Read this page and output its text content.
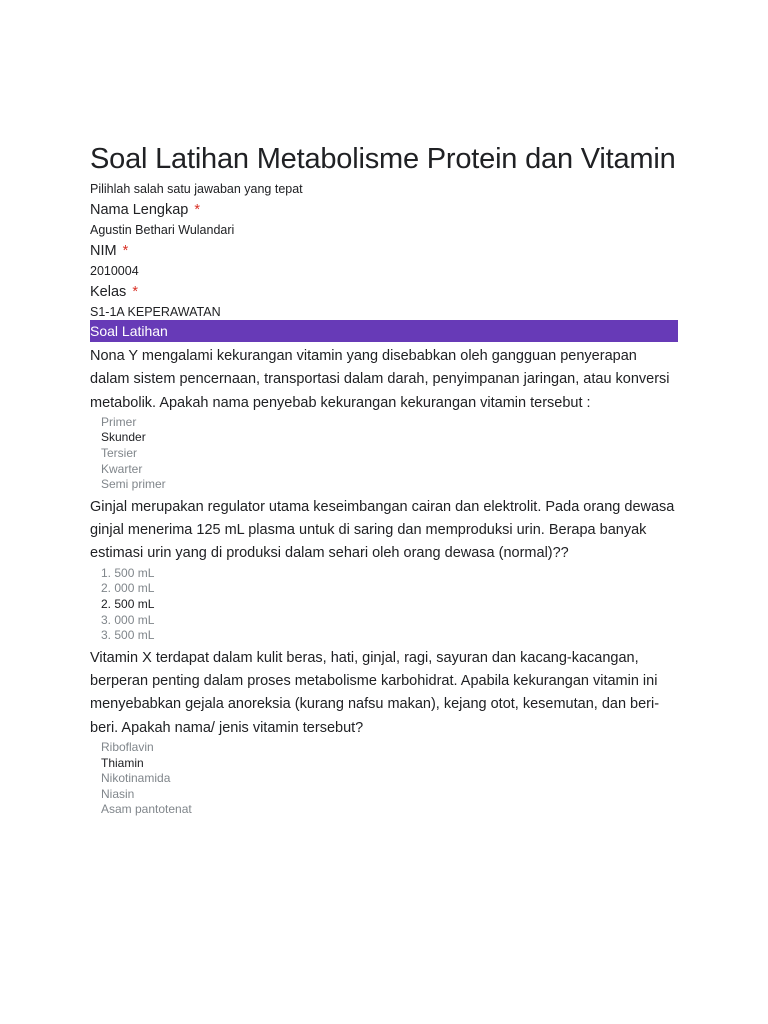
Soal Latihan Metabolisme Protein dan Vitamin
Pilihlah salah satu jawaban yang tepat
Nama Lengkap *
Agustin Bethari Wulandari
NIM *
2010004
Kelas *
S1-1A KEPERAWATAN
Soal Latihan
Nona Y mengalami kekurangan vitamin yang disebabkan oleh gangguan penyerapan dalam sistem pencernaan, transportasi dalam darah, penyimpanan jaringan, atau konversi metabolik. Apakah nama penyebab kekurangan kekurangan vitamin tersebut :
Primer
Skunder
Tersier
Kwarter
Semi primer
Ginjal merupakan regulator utama keseimbangan cairan dan elektrolit. Pada orang dewasa ginjal menerima 125 mL plasma untuk di saring dan memproduksi urin. Berapa banyak estimasi urin yang di produksi dalam sehari oleh orang dewasa (normal)??
1. 500 mL
2. 000 mL
2. 500 mL
3. 000 mL
3. 500 mL
Vitamin X terdapat dalam kulit beras, hati, ginjal, ragi, sayuran dan kacang-kacangan, berperan penting dalam proses metabolisme karbohidrat. Apabila kekurangan vitamin ini menyebabkan gejala anoreksia (kurang nafsu makan), kejang otot, kesemutan, dan beri-beri. Apakah nama/ jenis vitamin tersebut?
Riboflavin
Thiamin
Nikotinamida
Niasin
Asam pantotenat
